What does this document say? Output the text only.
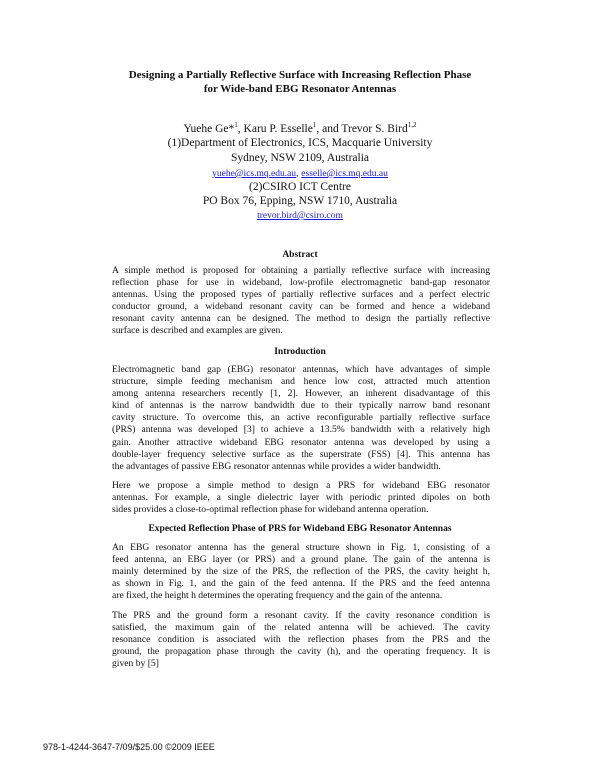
Designing a Partially Reflective Surface with Increasing Reflection Phase
for Wide-band EBG Resonator Antennas
Yuehe Ge*$^1$, Karu P. Esselle$^1$, and Trevor S. Bird$^{1,2}$
(1)Department of Electronics, ICS, Macquarie University
Sydney, NSW 2109, Australia
yuehe@ics.mq.edu.au, esselle@ics.mq.edu.au
(2)CSIRO ICT Centre
PO Box 76, Epping, NSW 1710, Australia
trevor.bird@csiro.com
Abstract
A simple method is proposed for obtaining a partially reflective surface with increasing
reflection phase for use in wideband, low-profile electromagnetic band-gap resonator
antennas. Using the proposed types of partially reflective surfaces and a perfect electric
conductor ground, a wideband resonant cavity can be formed and hence a wideband
resonant cavity antenna can be designed. The method to design the partially reflective
surface is described and examples are given.
Introduction
Electromagnetic band gap (EBG) resonator antennas, which have advantages of simple
structure, simple feeding mechanism and hence low cost, attracted much attention
among antenna researchers recently [1, 2]. However, an inherent disadvantage of this
kind of antennas is the narrow bandwidth due to their typically narrow band resonant
cavity structure. To overcome this, an active reconfigurable partially reflective surface
(PRS) antenna was developed [3] to achieve a 13.5% bandwidth with a relatively high
gain. Another attractive wideband EBG resonator antenna was developed by using a
double-layer frequency selective surface as the superstrate (FSS) [4]. This antenna has
the advantages of passive EBG resonator antennas while provides a wider bandwidth.
Here we propose a simple method to design a PRS for wideband EBG resonator
antennas. For example, a single dielectric layer with periodic printed dipoles on both
sides provides a close-to-optimal reflection phase for wideband antenna operation.
Expected Reflection Phase of PRS for Wideband EBG Resonator Antennas
An EBG resonator antenna has the general structure shown in Fig. 1, consisting of a
feed antenna, an EBG layer (or PRS) and a ground plane. The gain of the antenna is
mainly determined by the size of the PRS, the reflection of the PRS, the cavity height h,
as shown in Fig. 1, and the gain of the feed antenna. If the PRS and the feed antenna
are fixed, the height h determines the operating frequency and the gain of the antenna.
The PRS and the ground form a resonant cavity. If the cavity resonance condition is
satisfied, the maximum gain of the related antenna will be achieved. The cavity
resonance condition is associated with the reflection phases from the PRS and the
ground, the propagation phase through the cavity (h), and the operating frequency. It is
given by [5]
978-1-4244-3647-7/09/$25.00 ©2009 IEEE
